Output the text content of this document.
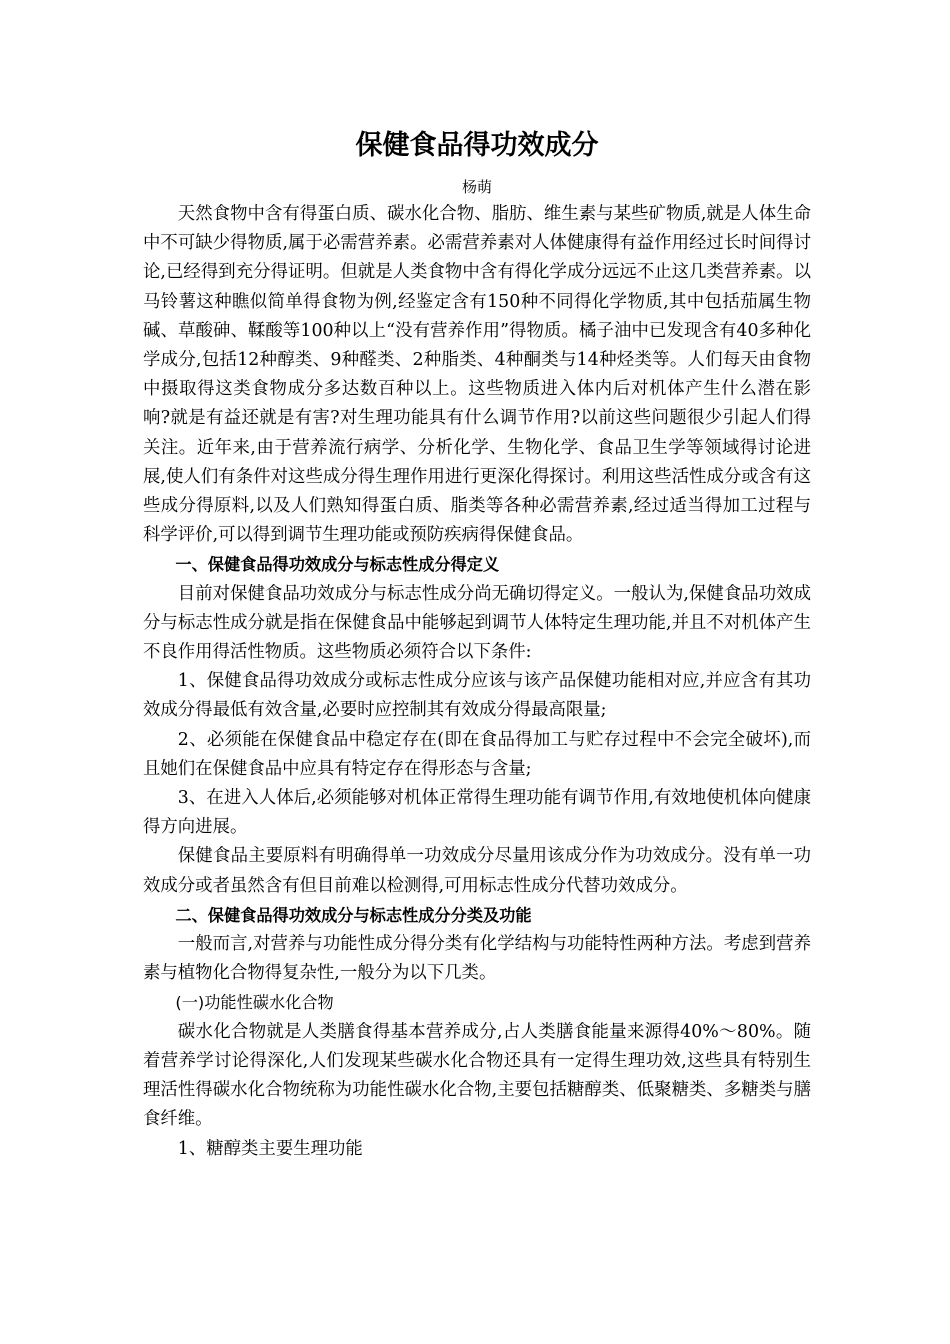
保健食品得功效成分
杨萌

天然食物中含有得蛋白质、碳水化合物、脂肪、维生素与某些矿物质,就是人体生命中不可缺少得物质,属于必需营养素。必需营养素对人体健康得有益作用经过长时间得讨论,已经得到充分得证明。但就是人类食物中含有得化学成分远远不止这几类营养素。以马铃薯这种瞧似简单得食物为例,经鉴定含有150种不同得化学物质,其中包括茄属生物碱、草酸砷、鞣酸等100种以上“没有营养作用”得物质。橘子油中已发现含有40多种化学成分,包括12种醇类、9种醛类、2种脂类、4种酮类与14种烃类等。人们每天由食物中摄取得这类食物成分多达数百种以上。这些物质进入体内后对机体产生什么潜在影响?就是有益还就是有害?对生理功能具有什么调节作用?以前这些问题很少引起人们得关注。近年来,由于营养流行病学、分析化学、生物化学、食品卫生学等领域得讨论进展,使人们有条件对这些成分得生理作用进行更深化得探讨。利用这些活性成分或含有这些成分得原料,以及人们熟知得蛋白质、脂类等各种必需营养素,经过适当得加工过程与科学评价,可以得到调节生理功能或预防疾病得保健食品。

一、保健食品得功效成分与标志性成分得定义

目前对保健食品功效成分与标志性成分尚无确切得定义。一般认为,保健食品功效成分与标志性成分就是指在保健食品中能够起到调节人体特定生理功能,并且不对机体产生不良作用得活性物质。这些物质必须符合以下条件:

1、保健食品得功效成分或标志性成分应该与该产品保健功能相对应,并应含有其功效成分得最低有效含量,必要时应控制其有效成分得最高限量;

2、必须能在保健食品中稳定存在(即在食品得加工与贮存过程中不会完全破坏),而且她们在保健食品中应具有特定存在得形态与含量;

3、在进入人体后,必须能够对机体正常得生理功能有调节作用,有效地使机体向健康得方向进展。

保健食品主要原料有明确得单一功效成分尽量用该成分作为功效成分。没有单一功效成分或者虽然含有但目前难以检测得,可用标志性成分代替功效成分。

二、保健食品得功效成分与标志性成分分类及功能

一般而言,对营养与功能性成分得分类有化学结构与功能特性两种方法。考虑到营养素与植物化合物得复杂性,一般分为以下几类。

(一)功能性碳水化合物

碳水化合物就是人类膳食得基本营养成分,占人类膳食能量来源得40%～80%。随着营养学讨论得深化,人们发现某些碳水化合物还具有一定得生理功效,这些具有特别生理活性得碳水化合物统称为功能性碳水化合物,主要包括糖醇类、低聚糖类、多糖类与膳食纤维。

1、糖醇类主要生理功能
